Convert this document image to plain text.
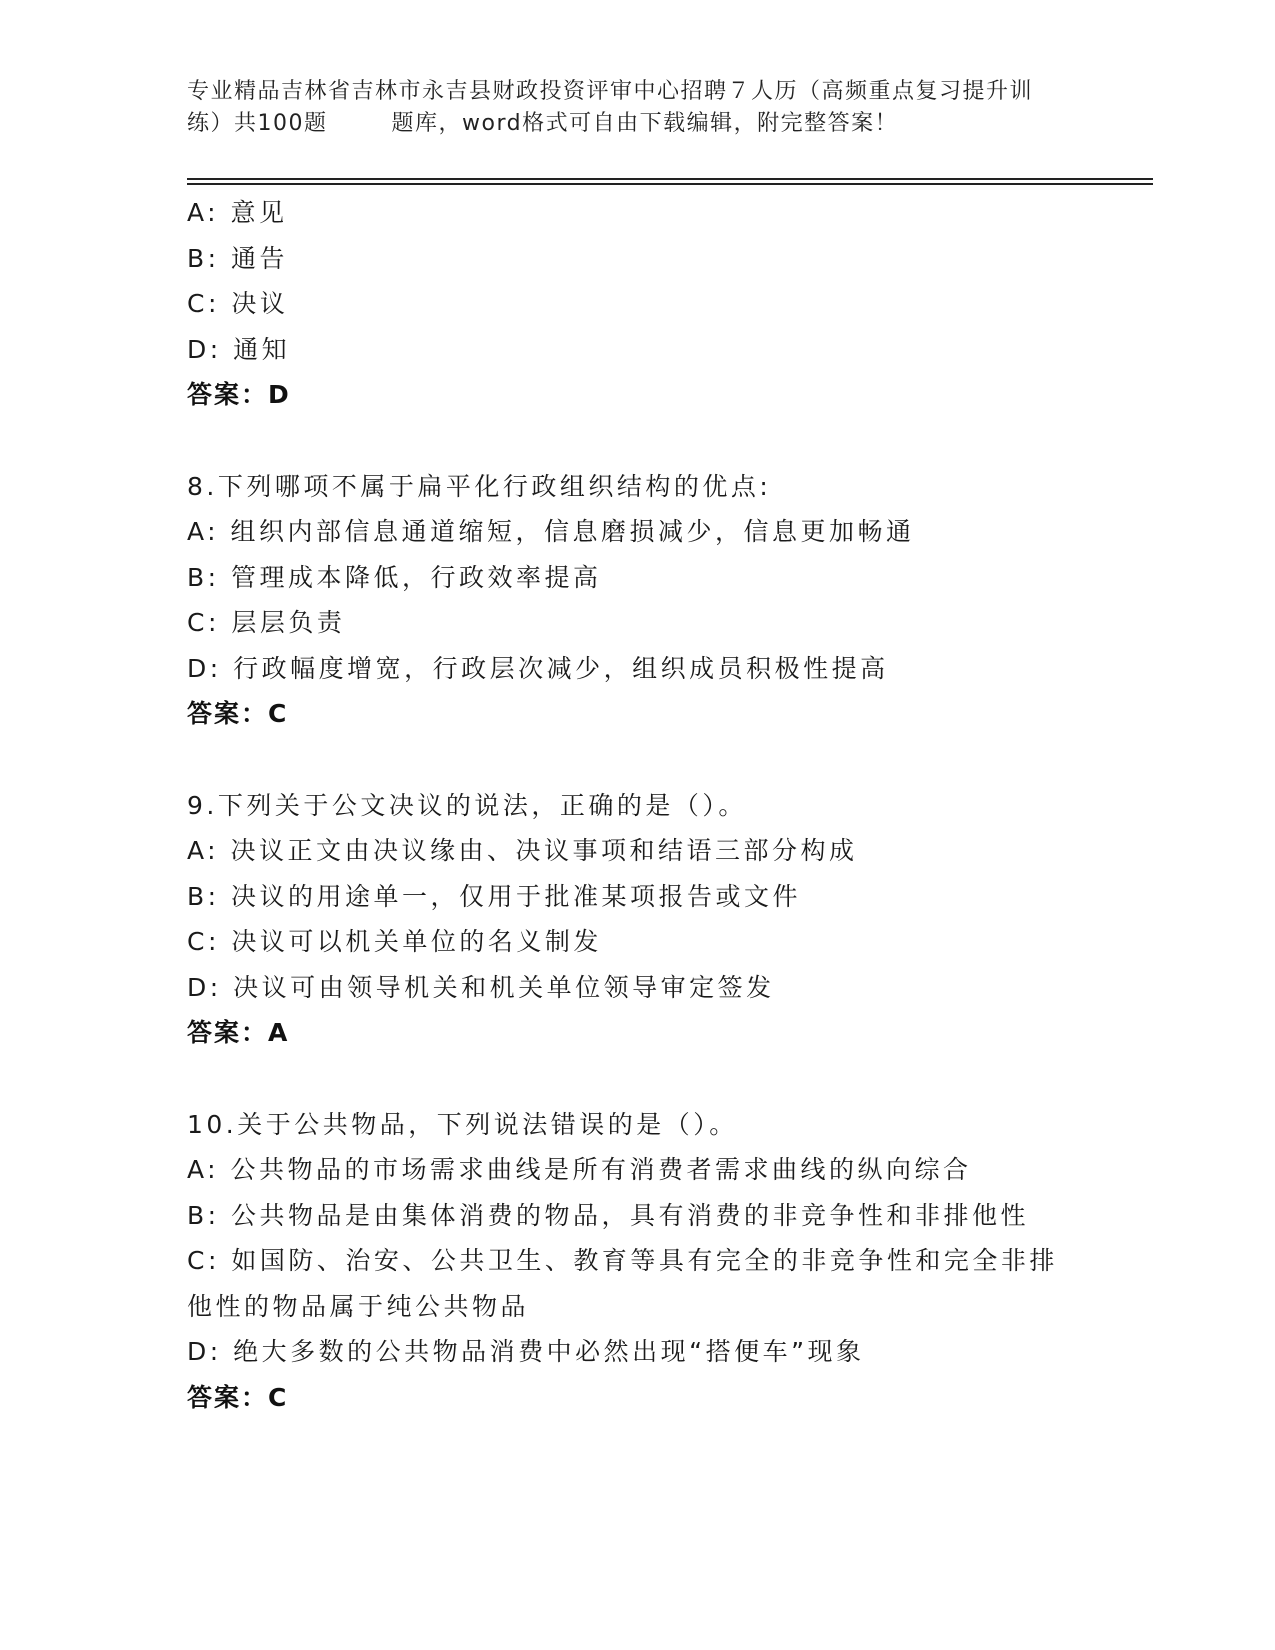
专业精品吉林省吉林市永吉县财政投资评审中心招聘７人历（高频重点复习提升训
练）共100题	题库，word格式可自由下载编辑，附完整答案！
A: 意见
B: 通告
C: 决议
D: 通知
答案：D
8.下列哪项不属于扁平化行政组织结构的优点:
A: 组织内部信息通道缩短，信息磨损减少，信息更加畅通
B: 管理成本降低，行政效率提高
C: 层层负责
D: 行政幅度增宽，行政层次减少，组织成员积极性提高
答案：C
9.下列关于公文决议的说法，正确的是（）。
A: 决议正文由决议缘由、决议事项和结语三部分构成
B: 决议的用途单一，仅用于批准某项报告或文件
C: 决议可以机关单位的名义制发
D: 决议可由领导机关和机关单位领导审定签发
答案：A
10.关于公共物品，下列说法错误的是（）。
A: 公共物品的市场需求曲线是所有消费者需求曲线的纵向综合
B: 公共物品是由集体消费的物品，具有消费的非竞争性和非排他性
C: 如国防、治安、公共卫生、教育等具有完全的非竞争性和完全非排
他性的物品属于纯公共物品
D: 绝大多数的公共物品消费中必然出现“搭便车”现象
答案：C
